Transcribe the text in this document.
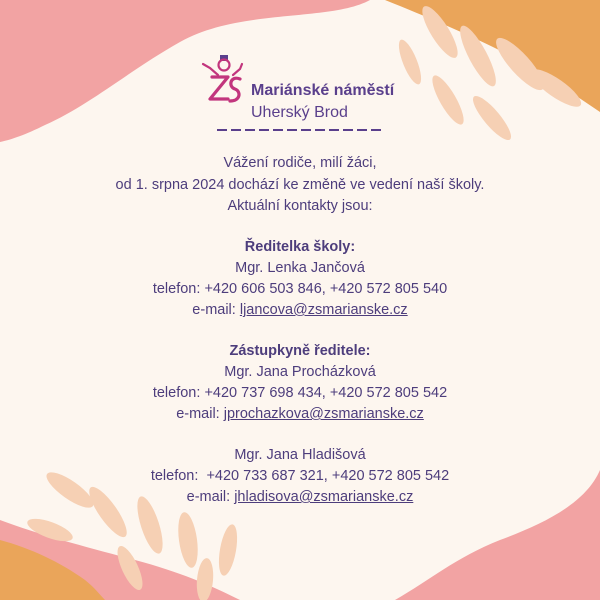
Mariánské náměstí
Uherský Brod
Vážení rodiče, milí žáci,
od 1. srpna 2024 dochází ke změně ve vedení naší školy.
Aktuální kontakty jsou:
Ředitelka školy:
Mgr. Lenka Jančová
telefon: +420 606 503 846, +420 572 805 540
e-mail: ljancova@zsmarianske.cz
Zástupkyně ředitele:
Mgr. Jana Procházková
telefon: +420 737 698 434, +420 572 805 542
e-mail: jprochazkova@zsmarianske.cz
Mgr. Jana Hladišová
telefon:  +420 733 687 321, +420 572 805 542
e-mail: jhladisova@zsmarianske.cz
